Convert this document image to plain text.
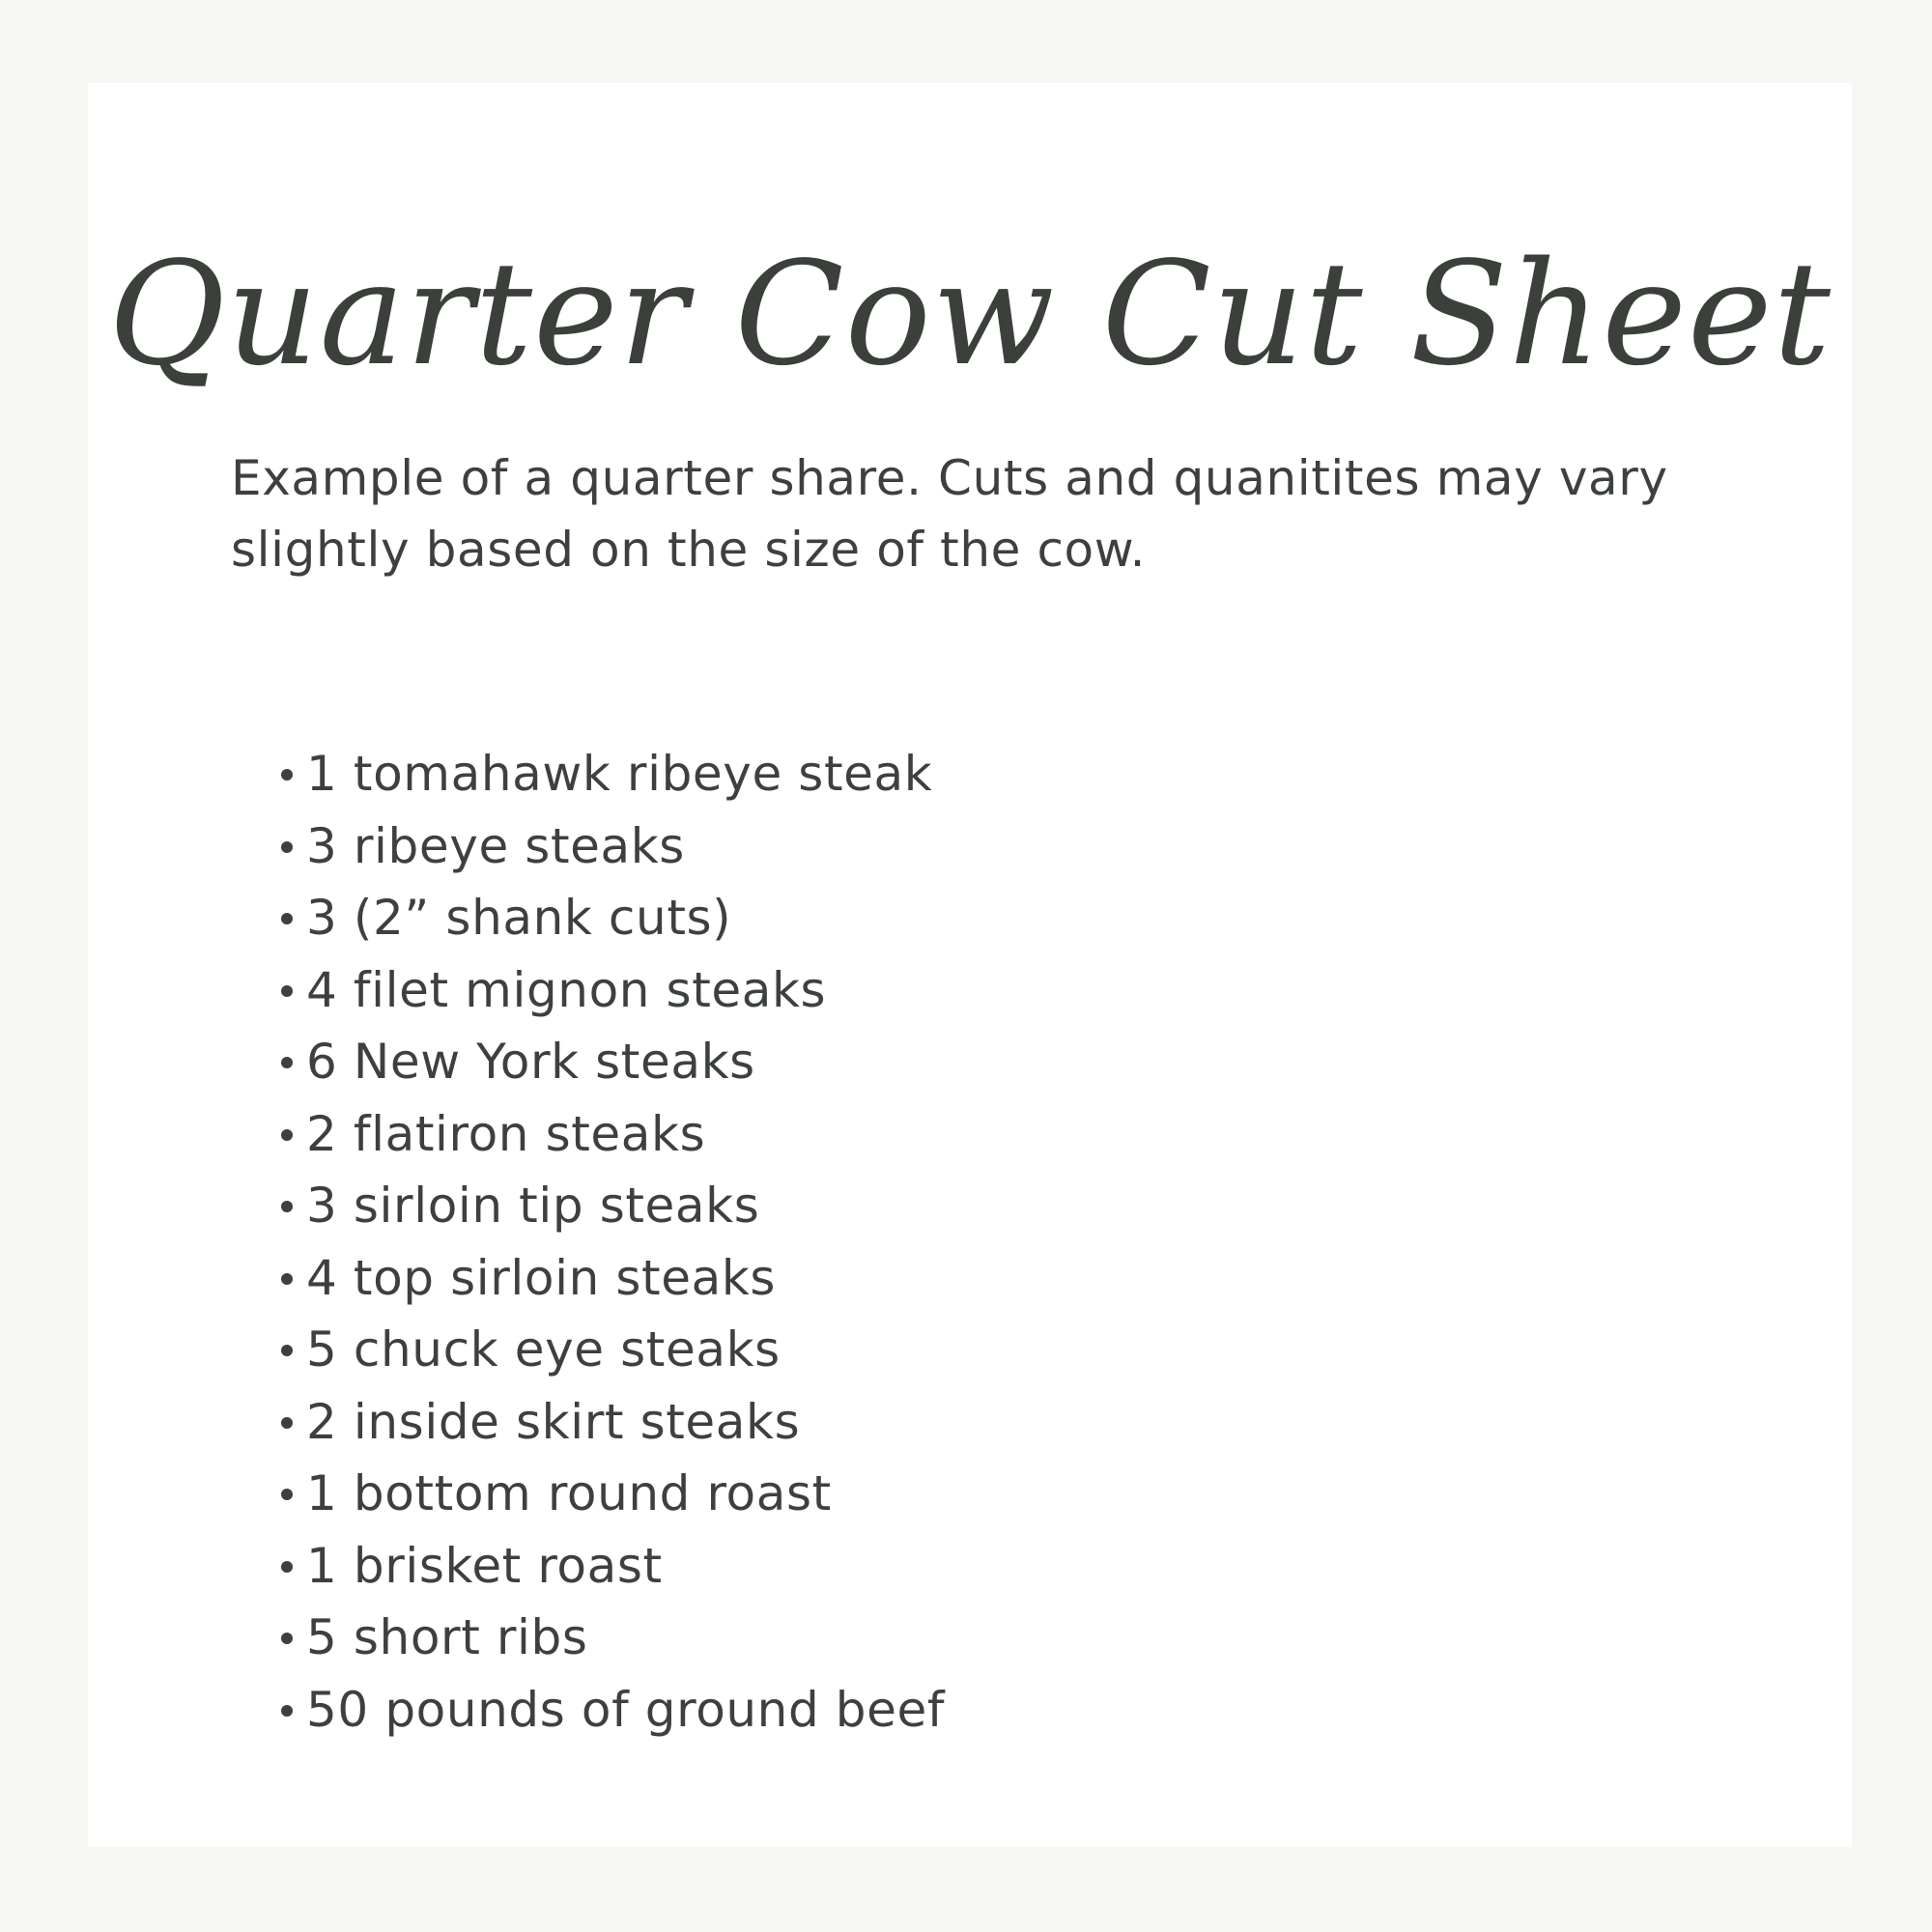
Quarter Cow Cut Sheet

Example of a quarter share. Cuts and quanitites may vary slightly based on the size of the cow.

1 tomahawk ribeye steak
3 ribeye steaks
3 (2” shank cuts)
4 filet mignon steaks
6 New York steaks
2 flatiron steaks
3 sirloin tip steaks
4 top sirloin steaks
5 chuck eye steaks
2 inside skirt steaks
1 bottom round roast
1 brisket roast
5 short ribs
50 pounds of ground beef
